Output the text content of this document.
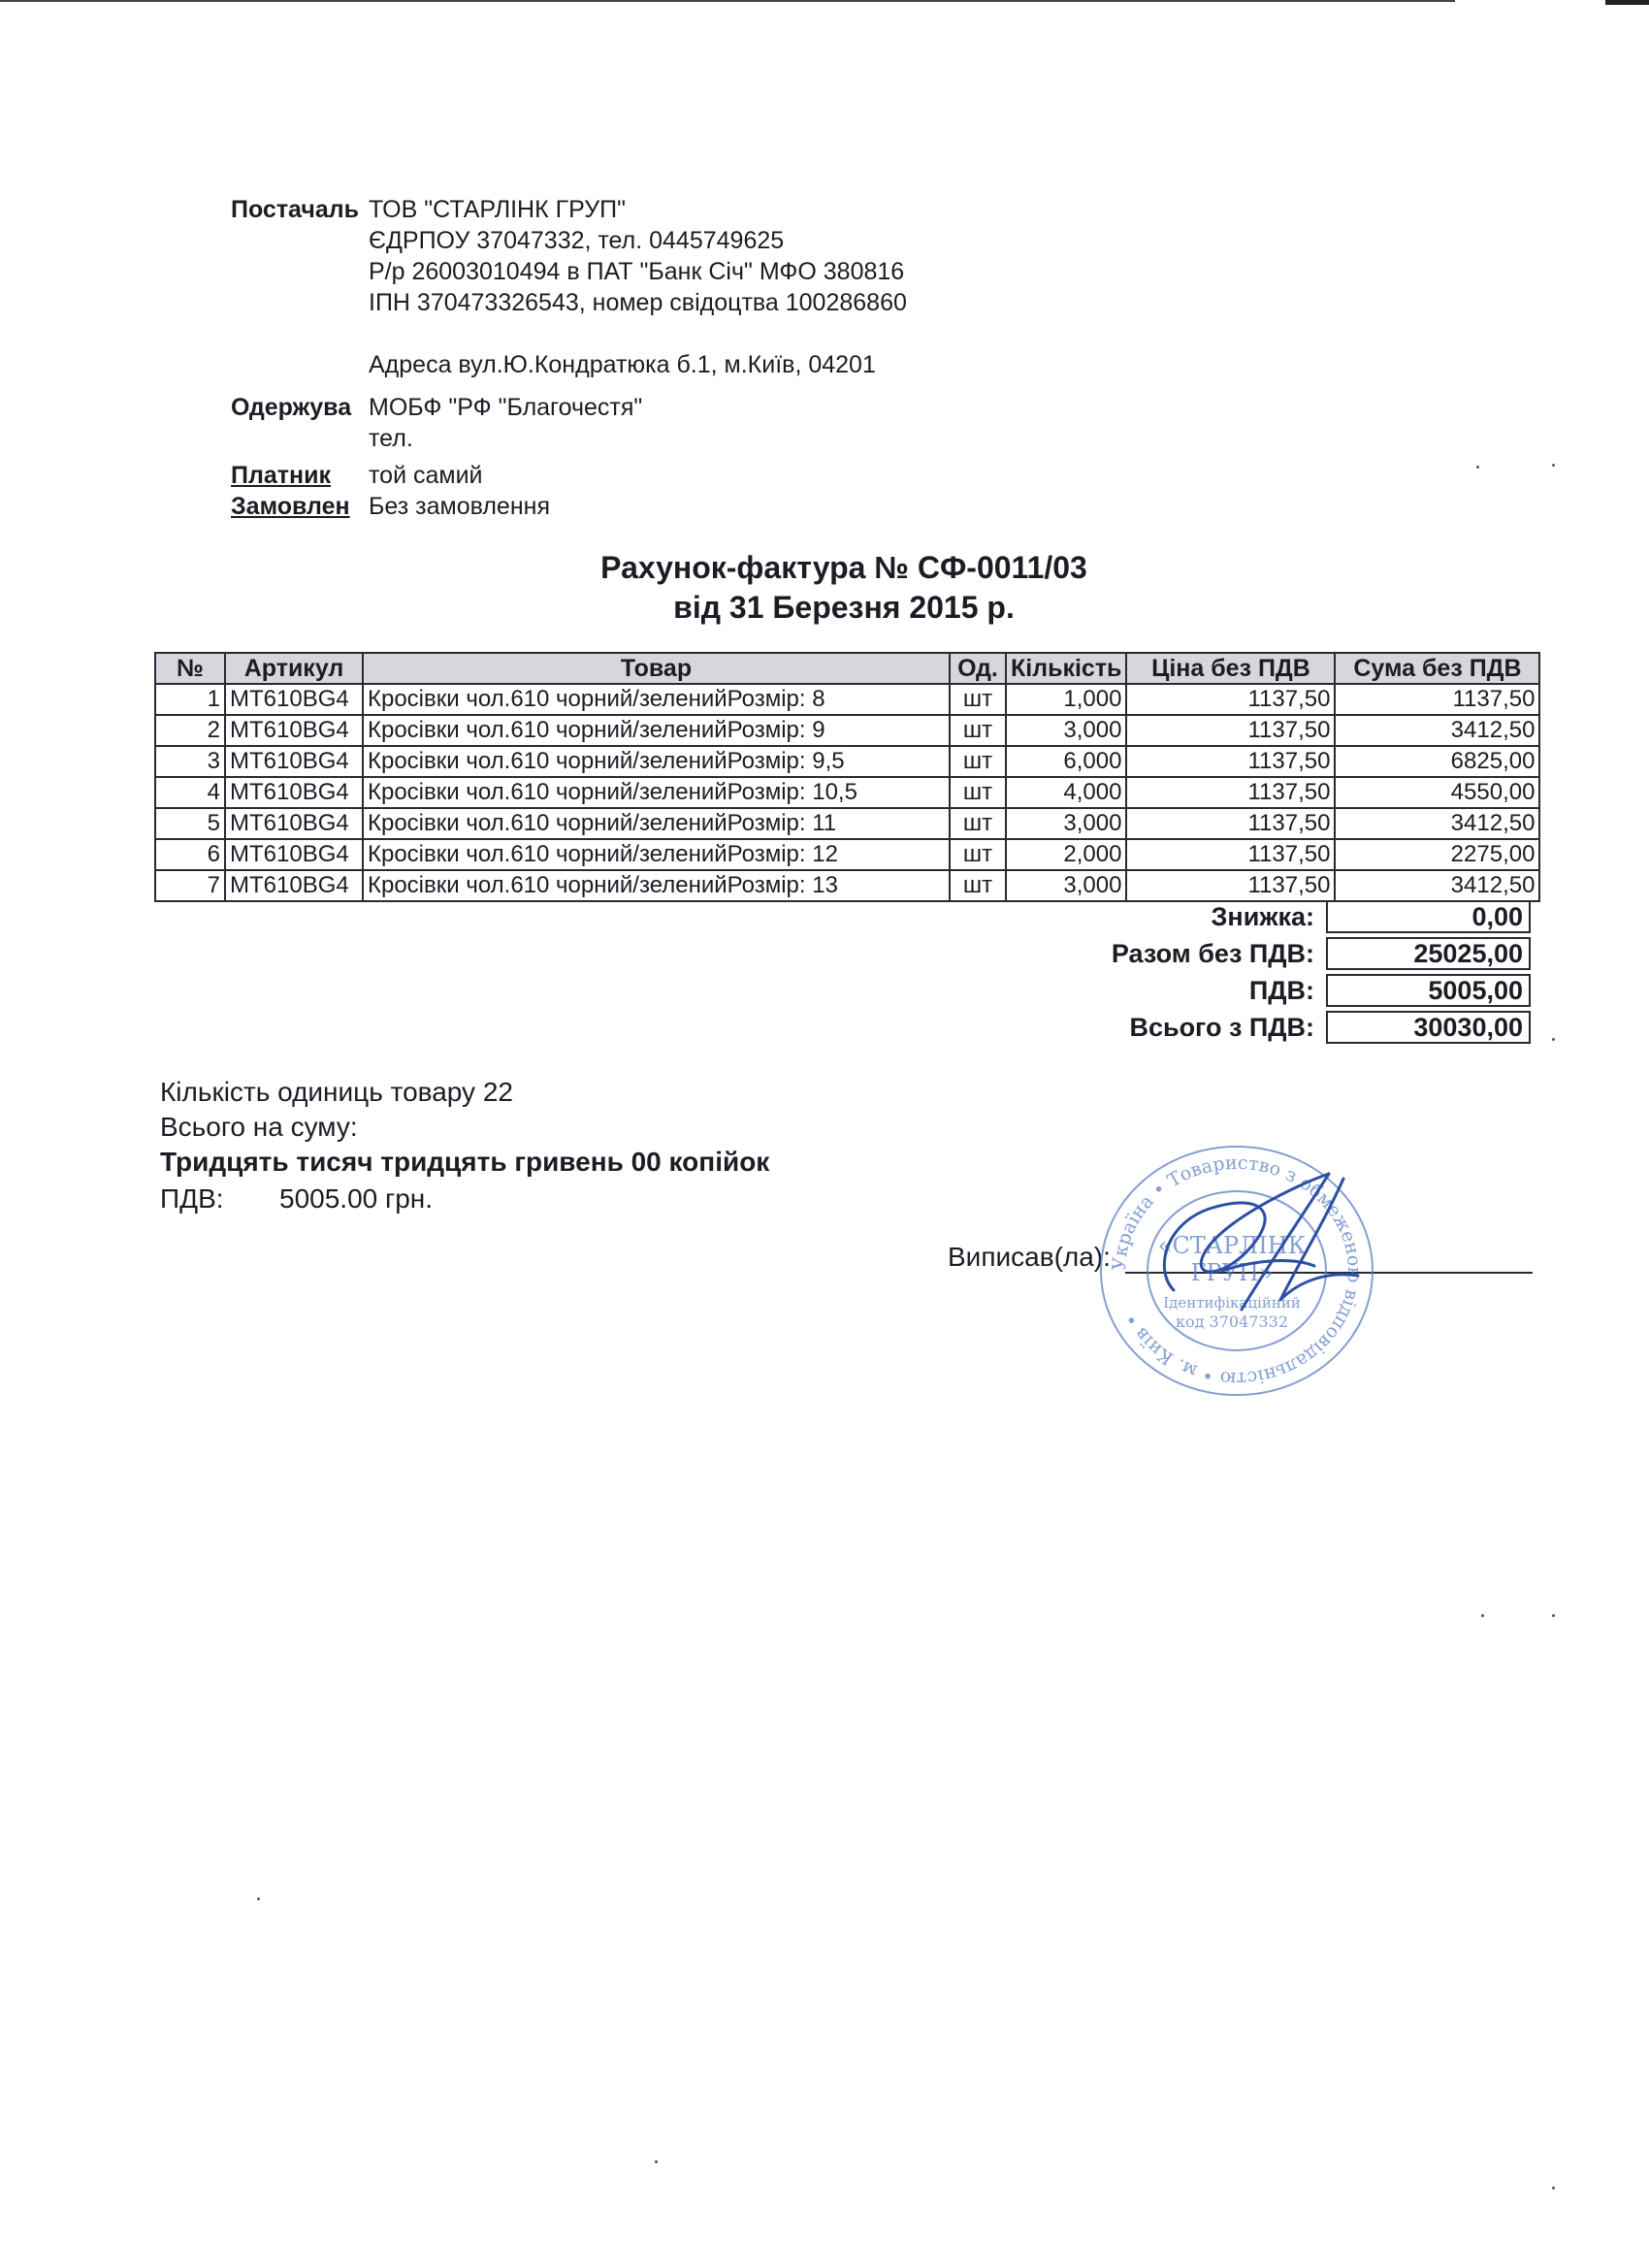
Постачаль ТОВ "СТАРЛІНК ГРУП"
ЄДРПОУ 37047332, тел. 0445749625
Р/р 26003010494 в ПАТ "Банк Січ" МФО 380816
ІПН 370473326543, номер свідоцтва 100286860
Адреса вул.Ю.Кондратюка б.1, м.Київ, 04201
Одержува МОБФ "РФ "Благочестя"
тел.
Платник	той самий
Замовлен Без замовлення
Рахунок-фактура № СФ-0011/03
від 31 Березня 2015 р.
№	Артикул	Товар	Од.	Кількість	Ціна без ПДВ	Сума без ПДВ
1	MT610BG4	Кросівки чол.610 чорний/зеленийРозмір: 8	шт	1,000	1137,50	1137,50
2	MT610BG4	Кросівки чол.610 чорний/зеленийРозмір: 9	шт	3,000	1137,50	3412,50
3	MT610BG4	Кросівки чол.610 чорний/зеленийРозмір: 9,5	шт	6,000	1137,50	6825,00
4	MT610BG4	Кросівки чол.610 чорний/зеленийРозмір: 10,5	шт	4,000	1137,50	4550,00
5	MT610BG4	Кросівки чол.610 чорний/зеленийРозмір: 11	шт	3,000	1137,50	3412,50
6	MT610BG4	Кросівки чол.610 чорний/зеленийРозмір: 12	шт	2,000	1137,50	2275,00
7	MT610BG4	Кросівки чол.610 чорний/зеленийРозмір: 13	шт	3,000	1137,50	3412,50
Знижка:	0,00
Разом без ПДВ:	25025,00
ПДВ:	5005,00
Всього з ПДВ:	30030,00
Кількість одиниць товару 22
Всього на суму:
Тридцять тисяч тридцять гривень 00 копійок
ПДВ: 5005.00 грн.
Виписав(ла):
Україна • Товариство з обмеженою відповідальністю • м. Київ •
«СТАРЛІНК
ГРУП»
Ідентифікаційний
код 37047332
